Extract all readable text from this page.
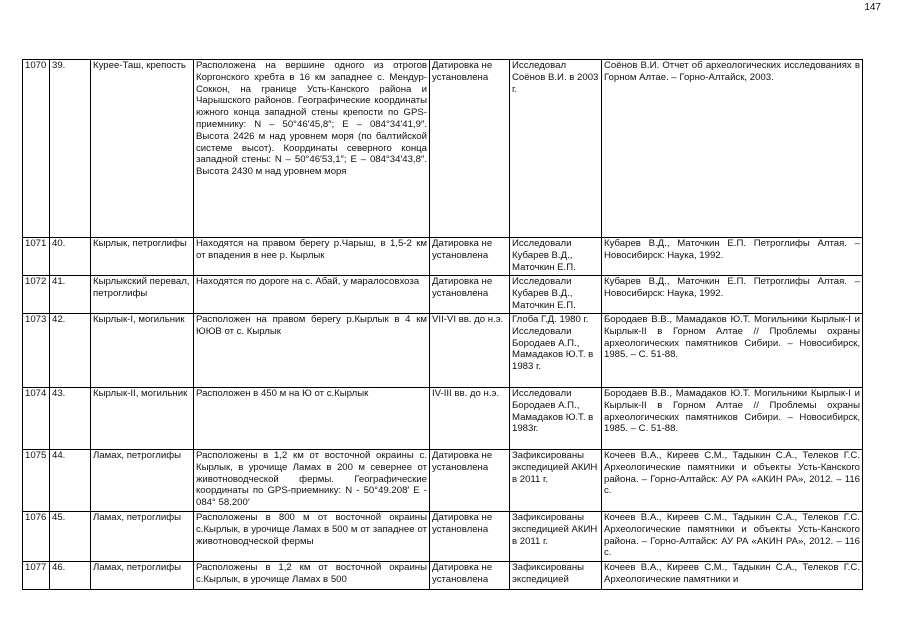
147
1070	39.	Куреe-Таш, крепость	Расположена на вершине одного из отрогов Коргонского хребта в 16 км западнее с. Мендур-Соккон, на границе Усть-Канского района и Чарышского районов. Географические координаты южного конца западной стены крепости по GPS-приемнику: N – 50°46′45,8″; Е – 084°34′41,9″. Высота 2426 м над уровнем моря (по балтийской системе высот). Координаты северного конца западной стены: N – 50°46′53,1″; Е – 084°34′43,8″. Высота 2430 м над уровнем моря	Датировка не установлена	Исследовал Соёнов В.И. в 2003 г.	Соёнов В.И. Отчет об археологических исследованиях в Горном Алтае. – Горно-Алтайск, 2003.
1071	40.	Кырлык, петроглифы	Находятся на правом берегу р.Чарыш, в 1,5-2 км от впадения в нее р. Кырлык	Датировка не установлена	Исследовали Кубарев В.Д., Маточкин Е.П.	Кубарев В.Д., Маточкин Е.П. Петроглифы Алтая. – Новосибирск: Наука, 1992.
1072	41.	Кырлыкский перевал, петроглифы	Находятся по дороге на с. Абай, у маралосовхоза	Датировка не установлена	Исследовали Кубарев В.Д., Маточкин Е.П.	Кубарев В.Д., Маточкин Е.П. Петроглифы Алтая. – Новосибирск: Наука, 1992.
1073	42.	Кырлык-I, могильник	Расположен на правом берегу р.Кырлык в 4 км ЮЮВ от с. Кырлык	VII-VI вв. до н.э.	Глоба Г.Д. 1980 г. Исследовали Бородаев А.П., Мамадаков Ю.Т. в 1983 г.	Бородаев В.В., Мамадаков Ю.Т. Могильники Кырлык-I и Кырлык-II в Горном Алтае // Проблемы охраны археологических памятников Сибири. – Новосибирск, 1985. – С. 51-88.
1074	43.	Кырлык-II, могильник	Расположен в 450 м на Ю от с.Кырлык	IV-III вв. до н.э.	Исследовали Бородаев А.П., Мамадаков Ю.Т. в 1983г.	Бородаев В.В., Мамадаков Ю.Т. Могильники Кырлык-I и Кырлык-II в Горном Алтае // Проблемы охраны археологических памятников Сибири. – Новосибирск, 1985. – С. 51-88.
1075	44.	Ламах, петроглифы	Расположены в 1,2 км от восточной окраины с. Кырлык, в урочище Ламах в 200 м севернее от животноводческой фермы. Географические координаты по GPS-приемнику: N - 50°49.208′ E - 084° 58.200′	Датировка не установлена	Зафиксированы экспедицией АКИН в 2011 г.	Кочеев В.А., Киреев С.М., Тадыкин С.А., Телеков Г.С. Археологические памятники и объекты Усть-Канского района. – Горно-Алтайск: АУ РА «АКИН РА», 2012. – 116 с.
1076	45.	Ламах, петроглифы	Расположены в 800 м от восточной окраины с.Кырлык, в урочище Ламах в 500 м от западнее от животноводческой фермы	Датировка не установлена	Зафиксированы экспедицией АКИН в 2011 г.	Кочеев В.А., Киреев С.М., Тадыкин С.А., Телеков Г.С. Археологические памятники и объекты Усть-Канского района. – Горно-Алтайск: АУ РА «АКИН РА», 2012. – 116 с.
1077	46.	Ламах, петроглифы	Расположены в 1,2 км от восточной окраины с.Кырлык, в урочище Ламах в 500	Датировка не установлена	Зафиксированы экспедицией	Кочеев В.А., Киреев С.М., Тадыкин С.А., Телеков Г.С. Археологические памятники и
